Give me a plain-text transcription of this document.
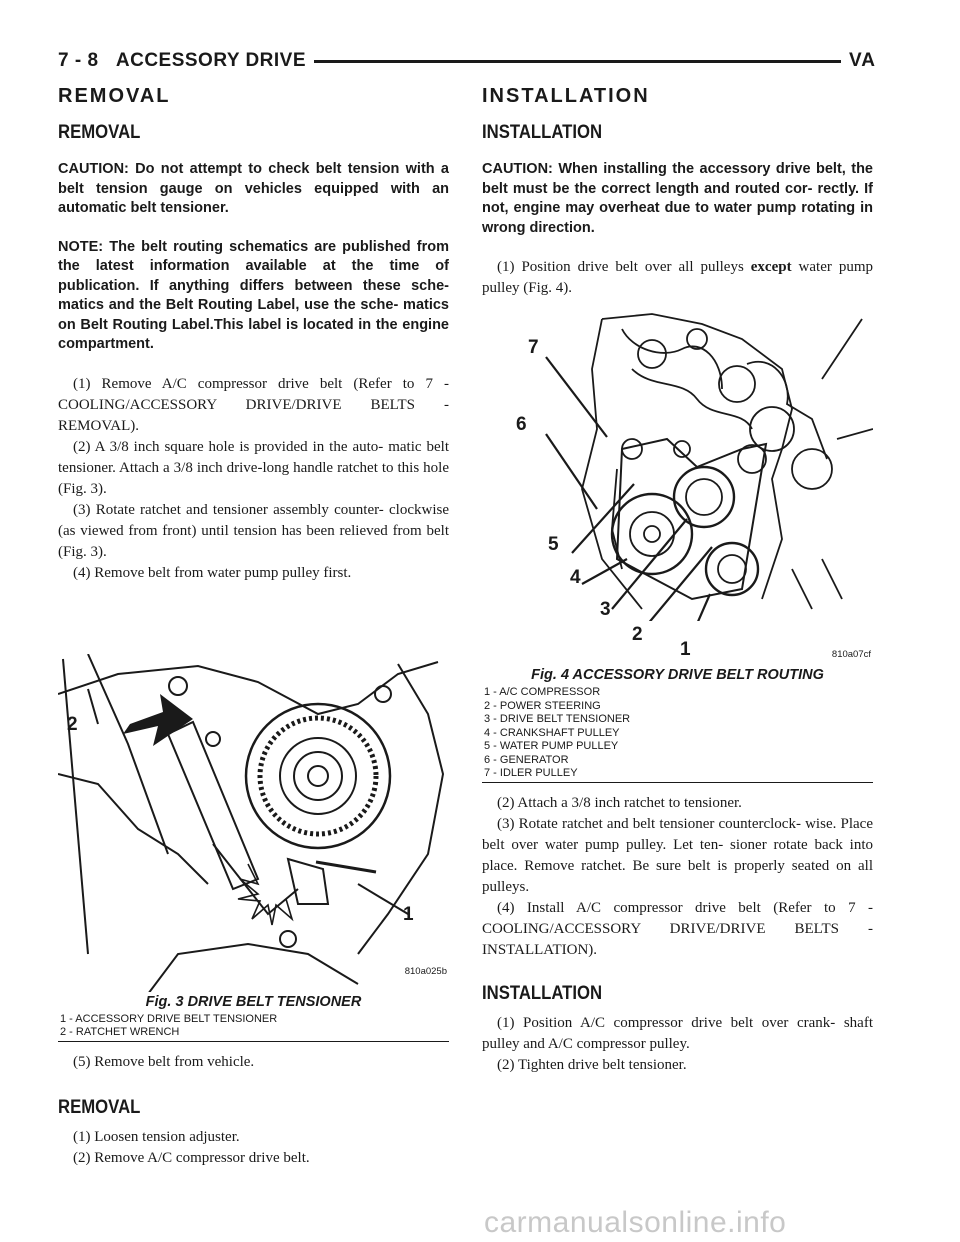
7 - 8 ACCESSORY DRIVE	VA
REMOVAL
REMOVAL

CAUTION: Do not attempt to check belt tension with a belt tension gauge on vehicles equipped with an automatic belt tensioner.

NOTE: The belt routing schematics are published from the latest information available at the time of publication. If anything differs between these sche- matics and the Belt Routing Label, use the sche- matics on Belt Routing Label.This label is located in the engine compartment.

(1) Remove A/C compressor drive belt (Refer to 7 - COOLING/ACCESSORY DRIVE/DRIVE BELTS - REMOVAL).

(2) A 3/8 inch square hole is provided in the auto- matic belt tensioner. Attach a 3/8 inch drive-long handle ratchet to this hole (Fig. 3).

(3) Rotate ratchet and tensioner assembly counter- clockwise (as viewed from front) until tension has been relieved from belt (Fig. 3).

(4) Remove belt from water pump pulley first.

2
1
810a025b
Fig. 3 DRIVE BELT TENSIONER
1 - ACCESSORY DRIVE BELT TENSIONER
2 - RATCHET WRENCH

(5) Remove belt from vehicle.

REMOVAL

(1) Loosen tension adjuster.

(2) Remove A/C compressor drive belt.

INSTALLATION
INSTALLATION

CAUTION: When installing the accessory drive belt, the belt must be the correct length and routed cor- rectly. If not, engine may overheat due to water pump rotating in wrong direction.

(1) Position drive belt over all pulleys except water pump pulley (Fig. 4).

7
6
5
4
3
2
1	810a07cf
Fig. 4 ACCESSORY DRIVE BELT ROUTING
1 - A/C COMPRESSOR
2 - POWER STEERING
3 - DRIVE BELT TENSIONER
4 - CRANKSHAFT PULLEY
5 - WATER PUMP PULLEY
6 - GENERATOR
7 - IDLER PULLEY

(2) Attach a 3/8 inch ratchet to tensioner.

(3) Rotate ratchet and belt tensioner counterclock- wise. Place belt over water pump pulley. Let ten- sioner rotate back into place. Remove ratchet. Be sure belt is properly seated on all pulleys.

(4) Install A/C compressor drive belt (Refer to 7 - COOLING/ACCESSORY DRIVE/DRIVE BELTS - INSTALLATION).

INSTALLATION

(1) Position A/C compressor drive belt over crank- shaft pulley and A/C compressor pulley.

(2) Tighten drive belt tensioner.

carmanualsonline.info
